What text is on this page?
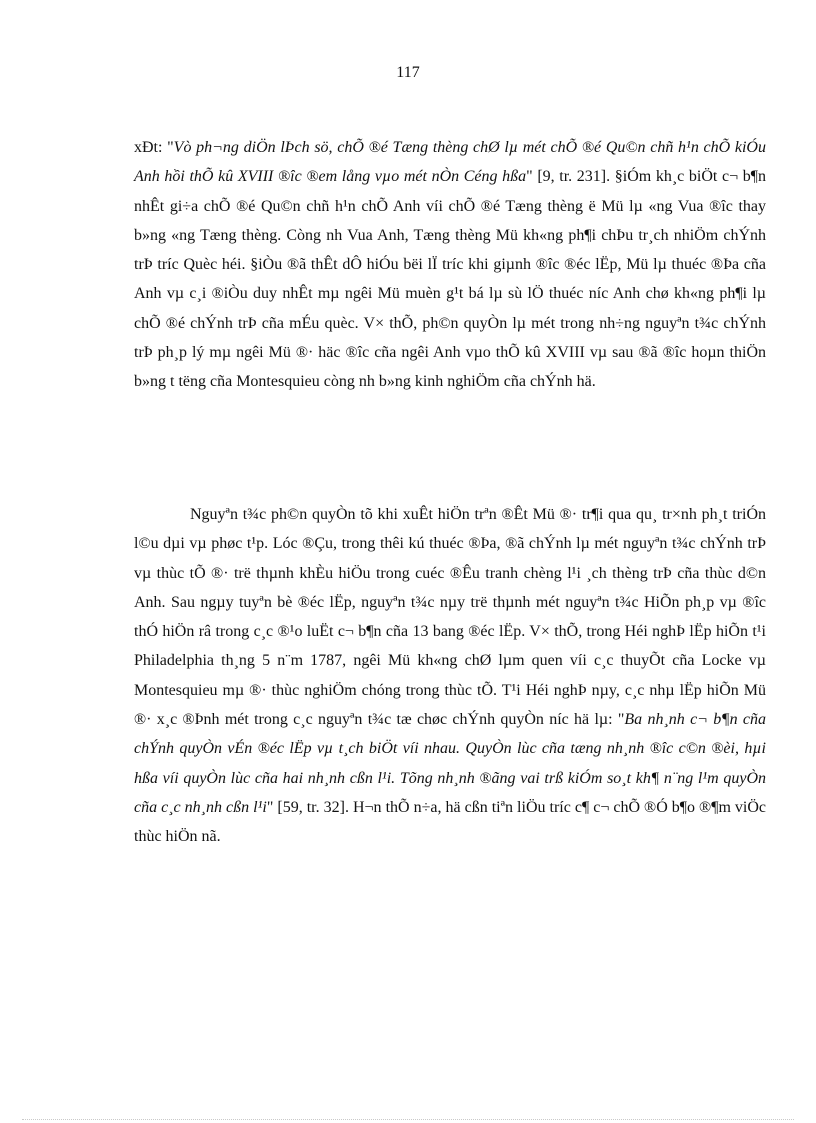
117
xĐt: "Vò ph¬ng diÖn lÞch sö, chÕ ®é Tæng thèng chØ lµ mét chÕ ®é Qu©n chñ h¹n chÕ kiÓu Anh hồi thÕ kû XVIII ®îc ®em lång vµo mét nÒn Céng hßa" [9, tr. 231]. §iÓm kh¸c biÖt c¬ b¶n nhÊt gi÷a chÕ ®é Qu©n chñ h¹n chÕ Anh víi chÕ ®é Tæng thèng ë Mü lµ «ng Vua ®îc thay b»ng «ng Tæng thèng. Còng nh Vua Anh, Tæng thèng Mü kh«ng ph¶i chÞu tr¸ch nhiÖm chÝnh trÞ tríc Quèc héi. §iÒu ®ã thÊt dÔ hiÓu bëi lÏ tríc khi giµnh ®îc ®éc lËp, Mü lµ thuéc ®Þa cña Anh vµ c¸i ®iÒu duy nhÊt mµ ngêi Mü muèn g¹t bá lµ sù lÖ thuéc níc Anh chø kh«ng ph¶i lµ chÕ ®é chÝnh trÞ cña mÉu quèc. V× thÕ, ph©n quyÒn lµ mét trong nh÷ng nguyªn t¾c chÝnh trÞ ph¸p lý mµ ngêi Mü ®· häc ®îc cña ngêi Anh vµo thÕ kû XVIII vµ sau ®ã ®îc hoµn thiÖn b»ng t tëng cña Montesquieu còng nh b»ng kinh nghiÖm cña chÝnh hä.
Nguyªn t¾c ph©n quyÒn tõ khi xuÊt hiÖn trªn ®Êt Mü ®· tr¶i qua qu¸ tr×nh ph¸t triÓn l©u dµi vµ phøc t¹p. Lóc ®Çu, trong thêi kú thuéc ®Þa, ®ã chÝnh lµ mét nguyªn t¾c chÝnh trÞ vµ thùc tÕ ®· trë thµnh khÈu hiÖu trong cuéc ®Êu tranh chèng l¹i ¸ch thèng trÞ cña thùc d©n Anh. Sau ngµy tuyªn bè ®éc lËp, nguyªn t¾c nµy trë thµnh mét nguyªn t¾c HiÕn ph¸p vµ ®îc thÓ hiÖn râ trong c¸c ®¹o luËt c¬ b¶n cña 13 bang ®éc lËp. V× thÕ, trong Héi nghÞ lËp hiÕn t¹i Philadelphia th¸ng 5 n¨m 1787, ngêi Mü kh«ng chØ lµm quen víi c¸c thuyÕt cña Locke vµ Montesquieu mµ ®· thùc nghiÖm chóng trong thùc tÕ. T¹i Héi nghÞ nµy, c¸c nhµ lËp hiÕn Mü ®· x¸c ®Þnh mét trong c¸c nguyªn t¾c tæ chøc chÝnh quyÒn níc hä lµ: "Ba nh¸nh c¬ b¶n cña chÝnh quyÒn vÉn ®éc lËp vµ t¸ch biÖt víi nhau. QuyÒn lùc cña tæng nh¸nh ®îc c©n ®èi, hµi hßa víi quyÒn lùc cña hai nh¸nh cßn l¹i. Tõng nh¸nh ®ãng vai trß kiÓm so¸t kh¶ n¨ng l¹m quyÒn cña c¸c nh¸nh cßn l¹i" [59, tr. 32]. H¬n thÕ n÷a, hä cßn tiªn liÖu tríc c¶ c¬ chÕ ®Ó b¶o ®¶m viÖc thùc hiÖn nã.
